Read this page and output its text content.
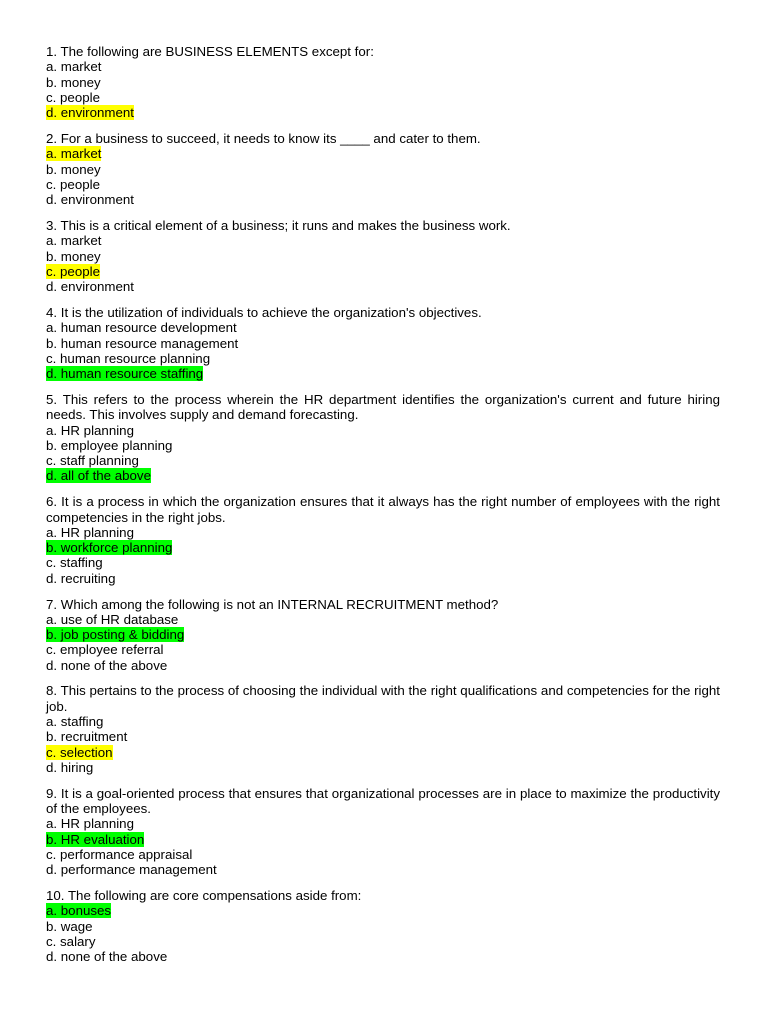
1. The following are BUSINESS ELEMENTS except for:

a. market

b. money

c. people

d. environment

2. For a business to succeed, it needs to know its ____ and cater to them.

a. market

b. money

c. people

d. environment

3. This is a critical element of a business; it runs and makes the business work.

a. market

b. money

c. people

d. environment

4. It is the utilization of individuals to achieve the organization's objectives.

a. human resource development

b. human resource management

c. human resource planning

d. human resource staffing

5. This refers to the process wherein the HR department identifies the organization's current and future hiring needs. This involves supply and demand forecasting.

a. HR planning

b. employee planning

c. staff planning

d. all of the above

6. It is a process in which the organization ensures that it always has the right number of employees with the right competencies in the right jobs.

a. HR planning

b. workforce planning

c. staffing

d. recruiting

7. Which among the following is not an INTERNAL RECRUITMENT method?

a. use of HR database

b. job posting & bidding

c. employee referral

d. none of the above

8. This pertains to the process of choosing the individual with the right qualifications and competencies for the right job.

a. staffing

b. recruitment

c. selection

d. hiring

9. It is a goal-oriented process that ensures that organizational processes are in place to maximize the productivity of the employees.

a. HR planning

b. HR evaluation

c. performance appraisal

d. performance management

10. The following are core compensations aside from:

a. bonuses

b. wage

c. salary

d. none of the above
